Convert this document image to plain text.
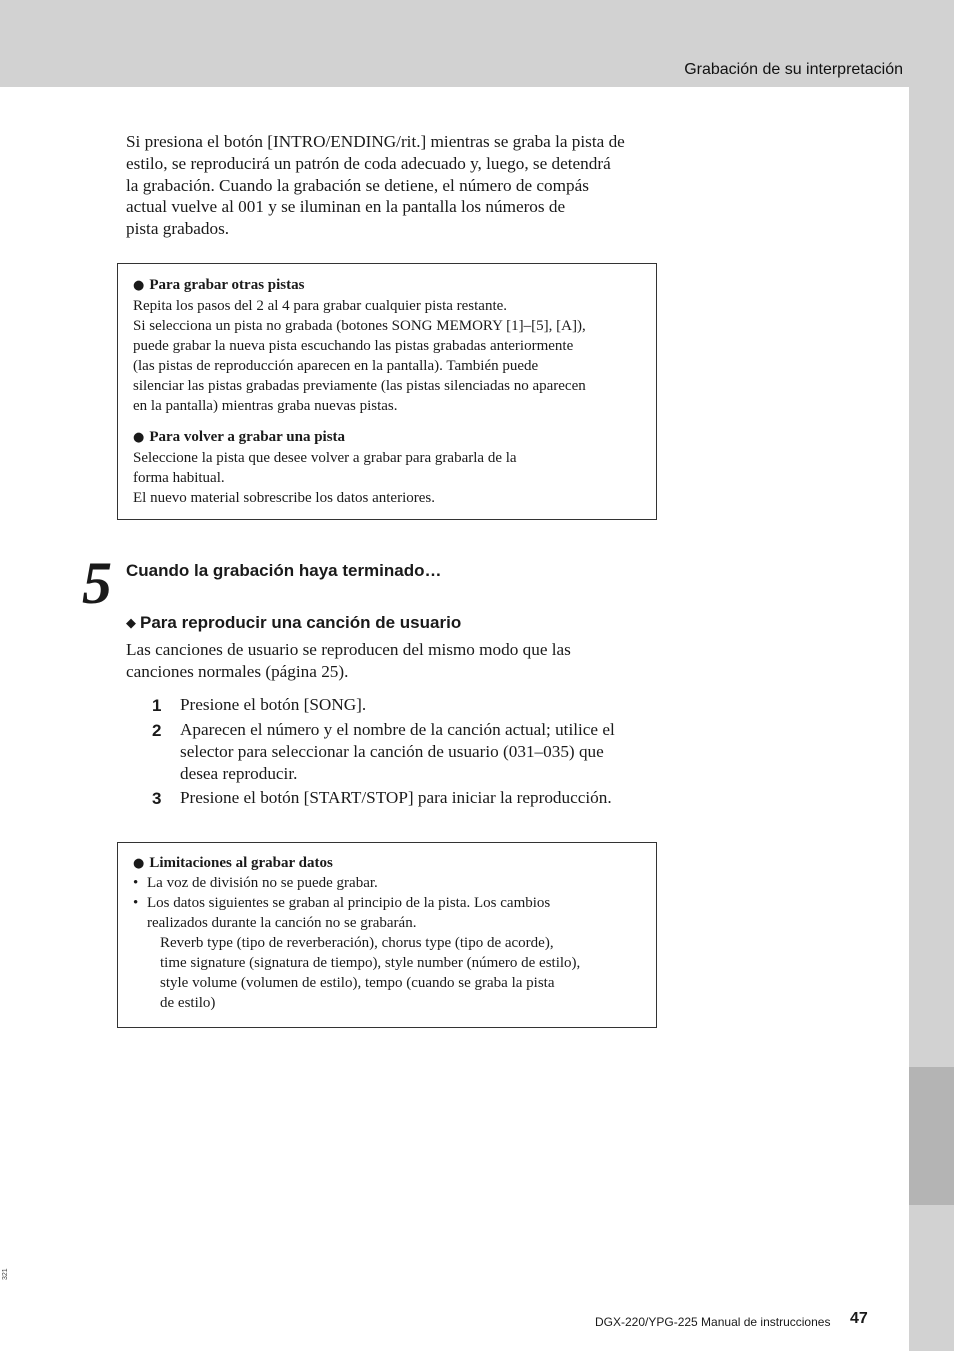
Grabación de su interpretación
Si presiona el botón [INTRO/ENDING/rit.] mientras se graba la pista de
estilo, se reproducirá un patrón de coda adecuado y, luego, se detendrá
la grabación. Cuando la grabación se detiene, el número de compás
actual vuelve al 001 y se iluminan en la pantalla los números de
pista grabados.
● Para grabar otras pistas
Repita los pasos del 2 al 4 para grabar cualquier pista restante.
Si selecciona un pista no grabada (botones SONG MEMORY [1]–[5], [A]),
puede grabar la nueva pista escuchando las pistas grabadas anteriormente
(las pistas de reproducción aparecen en la pantalla). También puede
silenciar las pistas grabadas previamente (las pistas silenciadas no aparecen
en la pantalla) mientras graba nuevas pistas.
● Para volver a grabar una pista
Seleccione la pista que desee volver a grabar para grabarla de la
forma habitual.
El nuevo material sobrescribe los datos anteriores.
5 Cuando la grabación haya terminado…
◆ Para reproducir una canción de usuario
Las canciones de usuario se reproducen del mismo modo que las
canciones normales (página 25).
1 Presione el botón [SONG].
2 Aparecen el número y el nombre de la canción actual; utilice el
selector para seleccionar la canción de usuario (031–035) que
desea reproducir.
3 Presione el botón [START/STOP] para iniciar la reproducción.
● Limitaciones al grabar datos
• La voz de división no se puede grabar.
• Los datos siguientes se graban al principio de la pista. Los cambios
realizados durante la canción no se grabarán.
Reverb type (tipo de reverberación), chorus type (tipo de acorde),
time signature (signatura de tiempo), style number (número de estilo),
style volume (volumen de estilo), tempo (cuando se graba la pista
de estilo)
321
DGX-220/YPG-225 Manual de instrucciones 47
